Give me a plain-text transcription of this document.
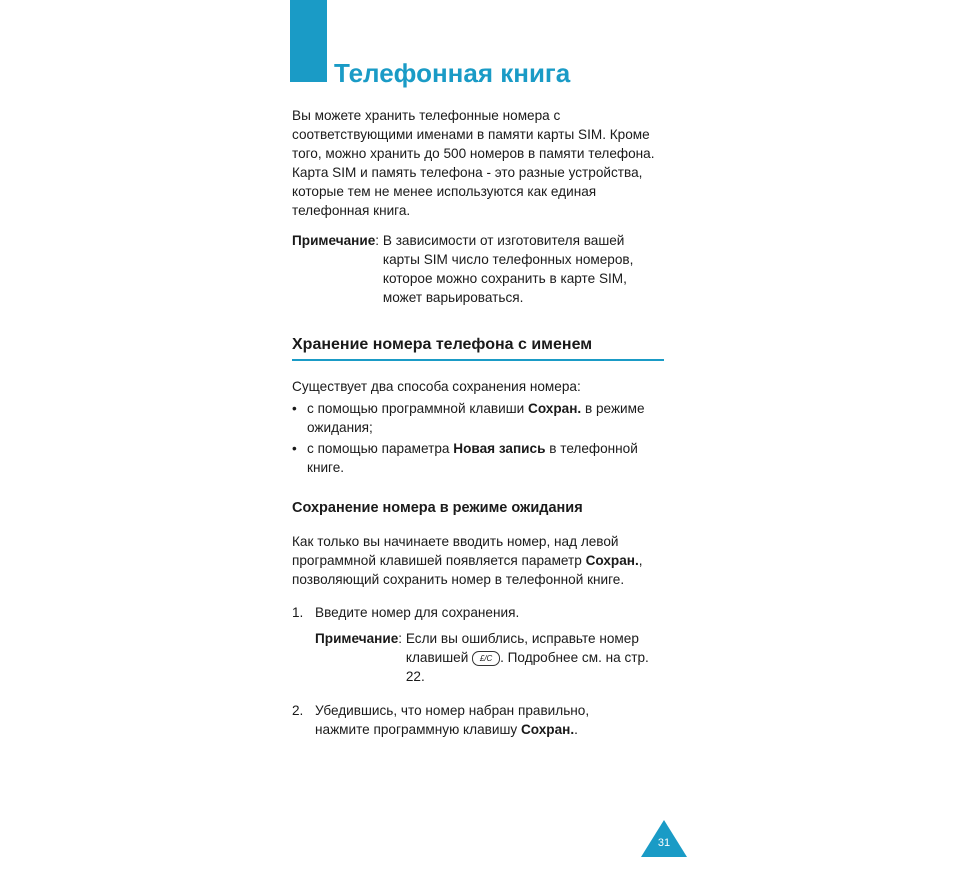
Телефонная книга

Вы можете хранить телефонные номера с соответствующими именами в памяти карты SIM. Кроме того, можно хранить до 500 номеров в памяти телефона. Карта SIM и память телефона - это разные устройства, которые тем не менее используются как единая телефонная книга.

Примечание: В зависимости от изготовителя вашей карты SIM число телефонных номеров, которое можно сохранить в карте SIM, может варьироваться.
Хранение номера телефона с именем

Существует два способа сохранения номера:

• с помощью программной клавиши Сохран. в режиме ожидания;
• с помощью параметра Новая запись в телефонной книге.
Сохранение номера в режиме ожидания

Как только вы начинаете вводить номер, над левой программной клавишей появляется параметр Сохран., позволяющий сохранить номер в телефонной книге.

1. Введите номер для сохранения.

Примечание: Если вы ошиблись, исправьте номер клавишей £/C . Подробнее см. на стр. 22.
2. Убедившись, что номер набран правильно, нажмите программную клавишу Сохран..

31
